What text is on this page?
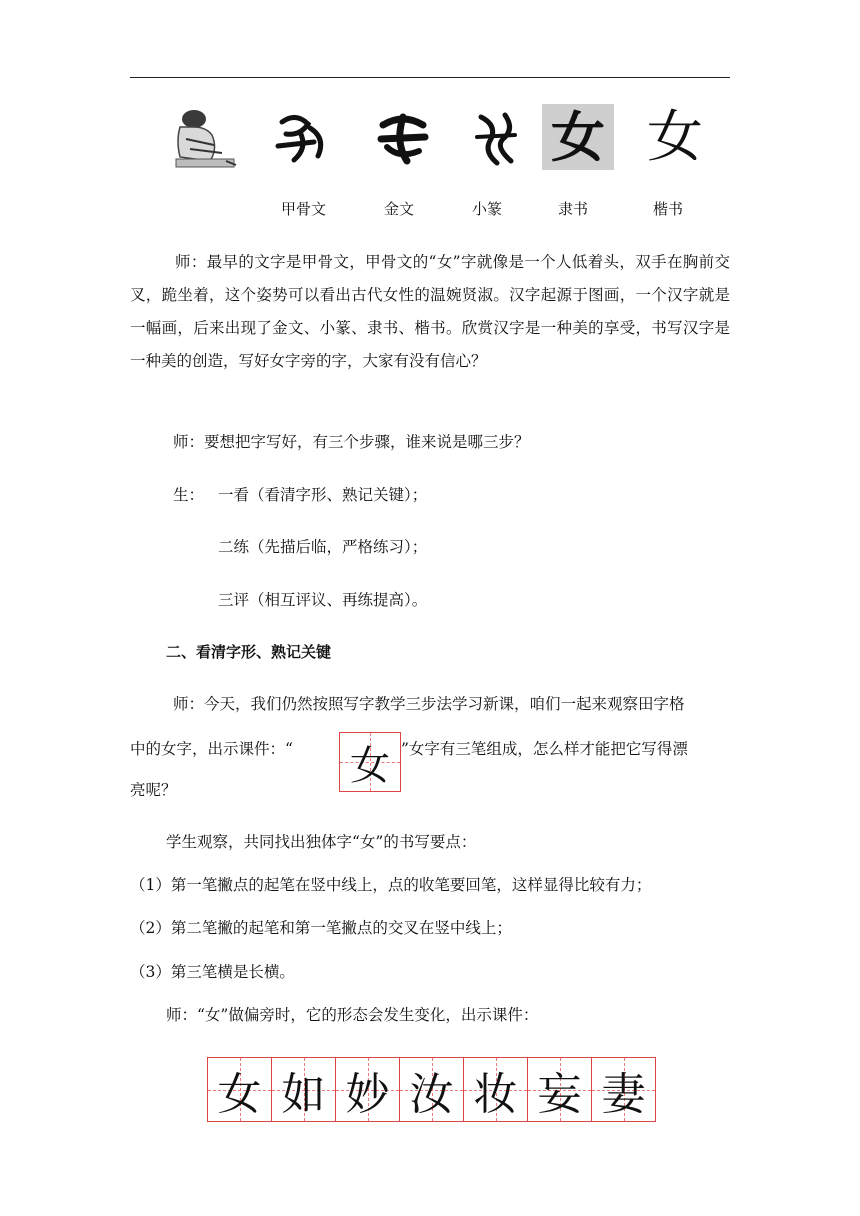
女 女
甲骨文	金文	小篆	隶书	楷书

师：最早的文字是甲骨文，甲骨文的“女”字就像是一个人低着头，双手在胸前交叉，跪坐着，这个姿势可以看出古代女性的温婉贤淑。汉字起源于图画，一个汉字就是一幅画，后来出现了金文、小篆、隶书、楷书。欣赏汉字是一种美的享受，书写汉字是一种美的创造，写好女字旁的字，大家有没有信心？

师：要想把字写好，有三个步骤，谁来说是哪三步？
生： 一看（看清字形、熟记关键）；
二练（先描后临，严格练习）；
三评（相互评议、再练提高）。
二、看清字形、熟记关键
师：今天，我们仍然按照写字教学三步法学习新课，咱们一起来观察田字格
中的女字，出示课件：“ 女 ”女字有三笔组成，怎么样才能把它写得漂
亮呢？
学生观察，共同找出独体字“女”的书写要点：
（1）第一笔撇点的起笔在竖中线上，点的收笔要回笔，这样显得比较有力；
（2）第二笔撇的起笔和第一笔撇点的交叉在竖中线上；
（3）第三笔横是长横。
师：“女”做偏旁时，它的形态会发生变化，出示课件：
女 如 妙 汝 妆 妄 妻
